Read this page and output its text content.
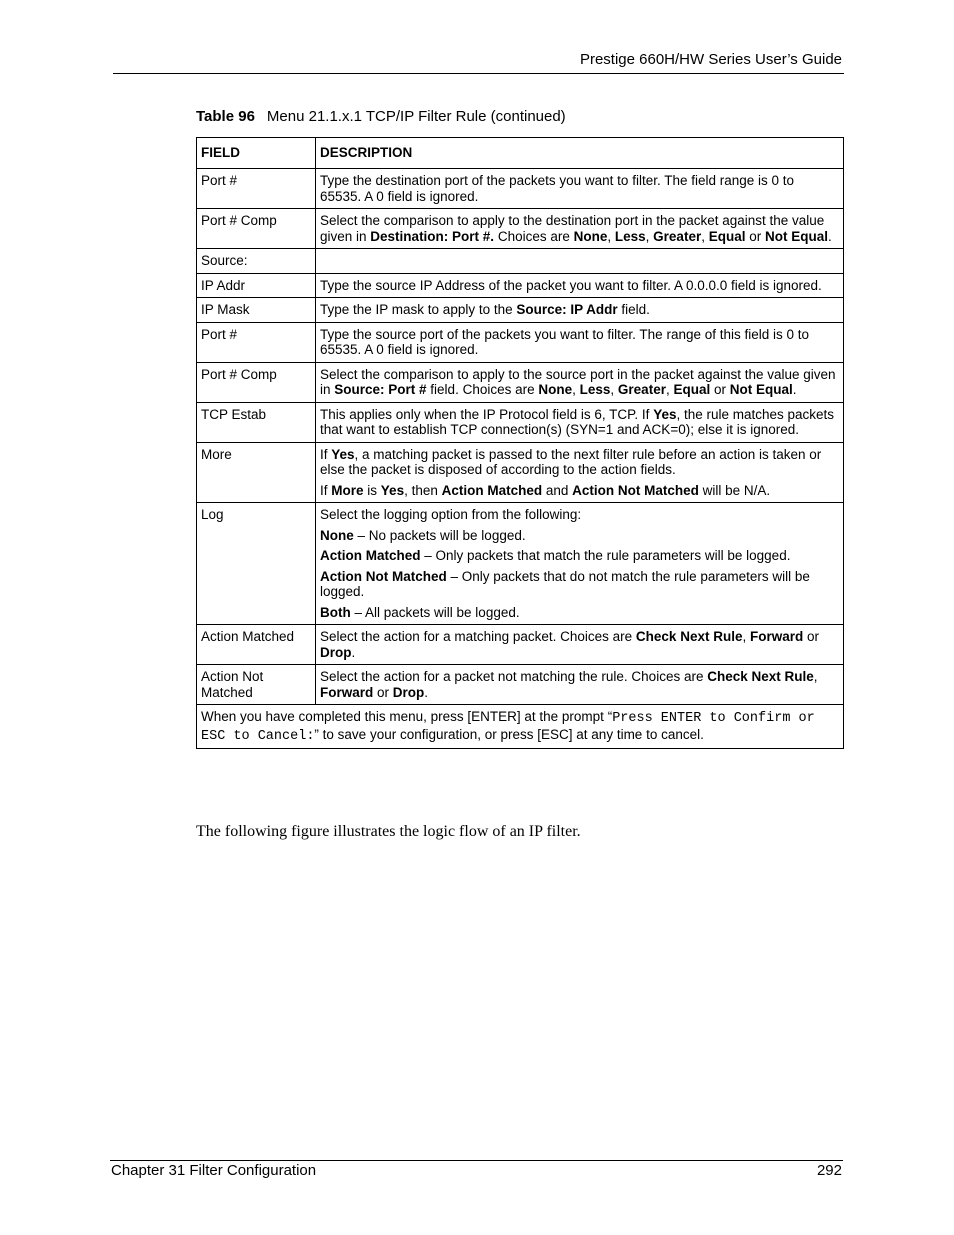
Prestige 660H/HW Series User’s Guide
Table 96 Menu 21.1.x.1 TCP/IP Filter Rule (continued)
FIELD	DESCRIPTION
Port #	Type the destination port of the packets you want to filter. The field range is 0 to 65535. A 0 field is ignored.

Port # Comp	Select the comparison to apply to the destination port in the packet against the value given in Destination: Port #. Choices are None, Less, Greater, Equal or Not Equal.

Source:	
IP Addr	Type the source IP Address of the packet you want to filter. A 0.0.0.0 field is ignored.

IP Mask	Type the IP mask to apply to the Source: IP Addr field.

Port #	Type the source port of the packets you want to filter. The range of this field is 0 to 65535. A 0 field is ignored.

Port # Comp	Select the comparison to apply to the source port in the packet against the value given in Source: Port # field. Choices are None, Less, Greater, Equal or Not Equal.

TCP Estab	This applies only when the IP Protocol field is 6, TCP. If Yes, the rule matches packets that want to establish TCP connection(s) (SYN=1 and ACK=0); else it is ignored.

More	If Yes, a matching packet is passed to the next filter rule before an action is taken or else the packet is disposed of according to the action fields.

If More is Yes, then Action Matched and Action Not Matched will be N/A.

Log	Select the logging option from the following:

None – No packets will be logged.

Action Matched – Only packets that match the rule parameters will be logged.

Action Not Matched – Only packets that do not match the rule parameters will be logged.

Both – All packets will be logged.

Action Matched	Select the action for a matching packet. Choices are Check Next Rule, Forward or Drop.

Action Not Matched	Select the action for a packet not matching the rule. Choices are Check Next Rule, Forward or Drop.

When you have completed this menu, press [ENTER] at the prompt “Press ENTER to Confirm or ESC to Cancel:” to save your configuration, or press [ESC] at any time to cancel.	
The following figure illustrates the logic flow of an IP filter.
Chapter 31 Filter Configuration	292
